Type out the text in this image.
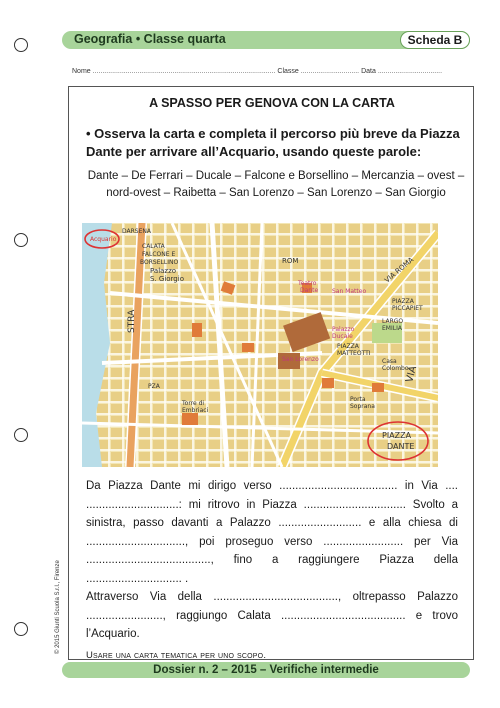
Geografia • Classe quarta	Scheda B
Nome .............................................................................................. Classe .............................. Data .................................
A SPASSO PER GENOVA CON LA CARTA
• Osserva la carta e completa il percorso più breve da Piazza Dante per arrivare all’Acquario, usando queste parole:
Dante – De Ferrari – Ducale – Falcone e Borsellino – Mercanzia – ovest – nord-ovest – Raibetta – San Lorenzo – San Lorenzo – San Giorgio
Acquario
DARSENA
CALATA
FALCONE E
BORSELLINO
Palazzo
S. Giorgio	VIA ROMA
PIAZZA
PICCAPIET
Casa
Colombo
Porta
Soprana
PIAZZA
DANTE
Palazzo
Ducale
PIAZZA
MATTEOTTI
San Matteo
Teatro
Dante
San Lorenzo
Torre di
Embriaci
STRA
VIA
PZA
ROM
LARGO
EMILIA

Da Piazza Dante mi dirigo verso ..................................... in Via .... .............................: mi ritrovo in Piazza ................................ Svolto a sinistra, passo davanti a Palazzo .......................... e alla chiesa di ..............................., poi proseguo verso ......................... per Via ......................................., fino a raggiungere Piazza della .............................. .

Attraverso Via della ......................................., oltrepasso Palazzo ........................, raggiungo Calata ....................................... e trovo l’Acquario.

Usare una carta tematica per uno scopo.

© 2015 Giunti Scuola S.r.l., Firenze
Dossier n. 2 – 2015 – Verifiche intermedie
